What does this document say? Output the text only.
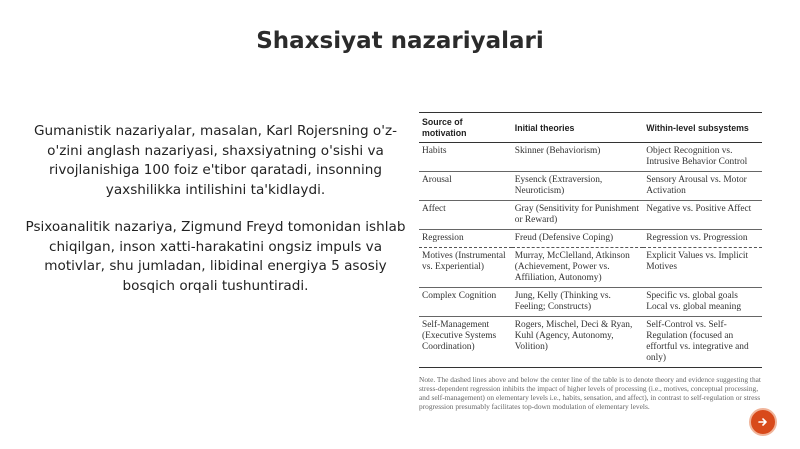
Shaxsiyat nazariyalari

Gumanistik nazariyalar, masalan, Karl Rojersning o'z-o'zini anglash nazariyasi, shaxsiyatning o'sishi va rivojlanishiga 100 foiz e'tibor qaratadi, insonning yaxshilikka intilishini ta'kidlaydi.

Psixoanalitik nazariya, Zigmund Freyd tomonidan ishlab chiqilgan, inson xatti-harakatini ongsiz impuls va motivlar, shu jumladan, libidinal energiya 5 asosiy bosqich orqali tushuntiradi.

Source of motivation	Initial theories	Within-level subsystems
Habits	Skinner (Behaviorism)	Object Recognition vs. Intrusive Behavior Control
Arousal	Eysenck (Extraversion, Neuroticism)	Sensory Arousal vs. Motor Activation
Affect	Gray (Sensitivity for Punishment or Reward)	Negative vs. Positive Affect
Regression	Freud (Defensive Coping)	Regression vs. Progression
Motives (Instrumental vs. Experiential)	Murray, McClelland, Atkinson (Achievement, Power vs. Affiliation, Autonomy)	Explicit Values vs. Implicit Motives
Complex Cognition	Jung, Kelly (Thinking vs. Feeling; Constructs)	Specific vs. global goals Local vs. global meaning
Self-Management (Executive Systems Coordination)	Rogers, Mischel, Deci & Ryan, Kuhl (Agency, Autonomy, Volition)	Self-Control vs. Self-Regulation (focused an effortful vs. integrative and only)
Note. The dashed lines above and below the center line of the table is to denote theory and evidence suggesting that stress-dependent regression inhibits the impact of higher levels of processing (i.e., motives, conceptual processing, and self-management) on elementary levels i.e., habits, sensation, and affect), in contrast to self-regulation or stress progression presumably facilitates top-down modulation of elementary levels.
